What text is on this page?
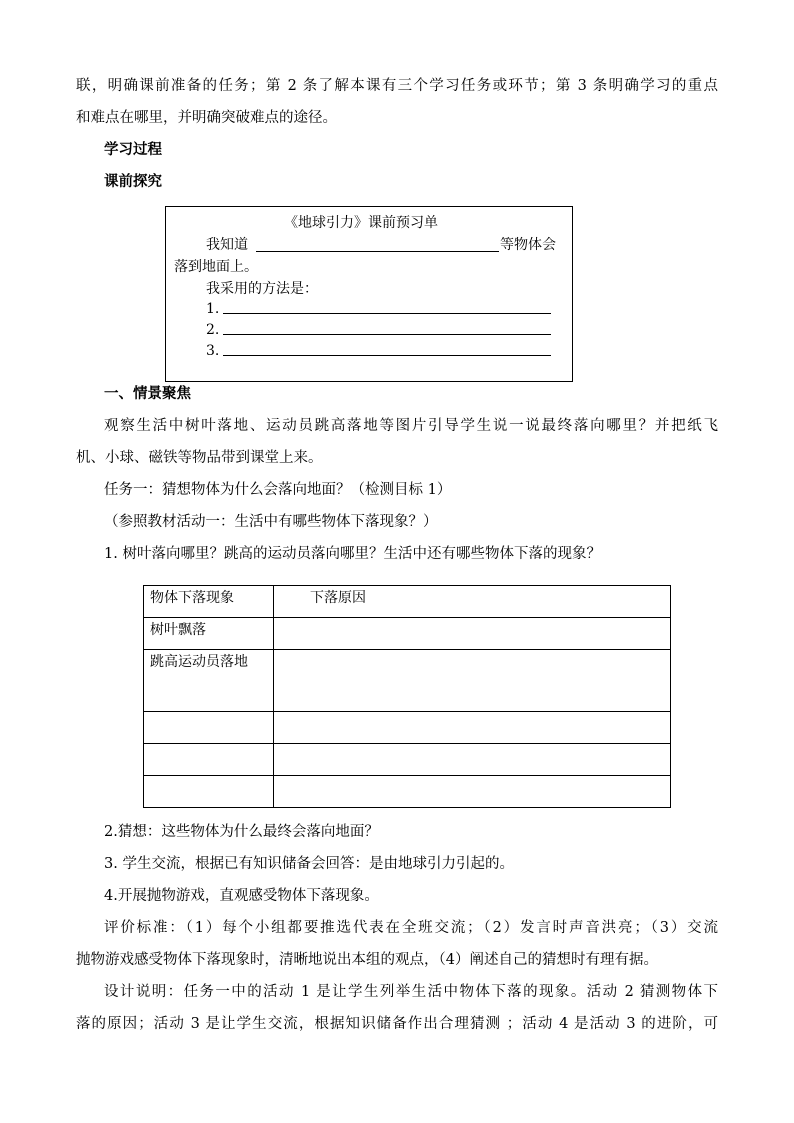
联，明确课前准备的任务；第 2 条了解本课有三个学习任务或环节；第 3 条明确学习的重点
和难点在哪里，并明确突破难点的途径。
学习过程
课前探究
《地球引力》课前预习单
我知道	等物体会
落到地面上。
我采用的方法是：
1.
2.
3.
一、情景聚焦
观察生活中树叶落地、运动员跳高落地等图片引导学生说一说最终落向哪里？并把纸飞
机、小球、磁铁等物品带到课堂上来。
任务一：猜想物体为什么会落向地面？（检测目标 1）
（参照教材活动一：生活中有哪些物体下落现象？）
1. 树叶落向哪里？跳高的运动员落向哪里？生活中还有哪些物体下落的现象？
物体下落现象	下落原因
树叶飘落	
跳高运动员落地	

2.猜想：这些物体为什么最终会落向地面？
3. 学生交流，根据已有知识储备会回答：是由地球引力引起的。
4.开展抛物游戏，直观感受物体下落现象。
评价标准：（1）每个小组都要推选代表在全班交流；（2）发言时声音洪亮；（3）交流
抛物游戏感受物体下落现象时，清晰地说出本组的观点，（4）阐述自己的猜想时有理有据。
设计说明：任务一中的活动 1 是让学生列举生活中物体下落的现象。活动 2 猜测物体下
落的原因；活动 3 是让学生交流，根据知识储备作出合理猜测 ；活动 4 是活动 3 的进阶，可
